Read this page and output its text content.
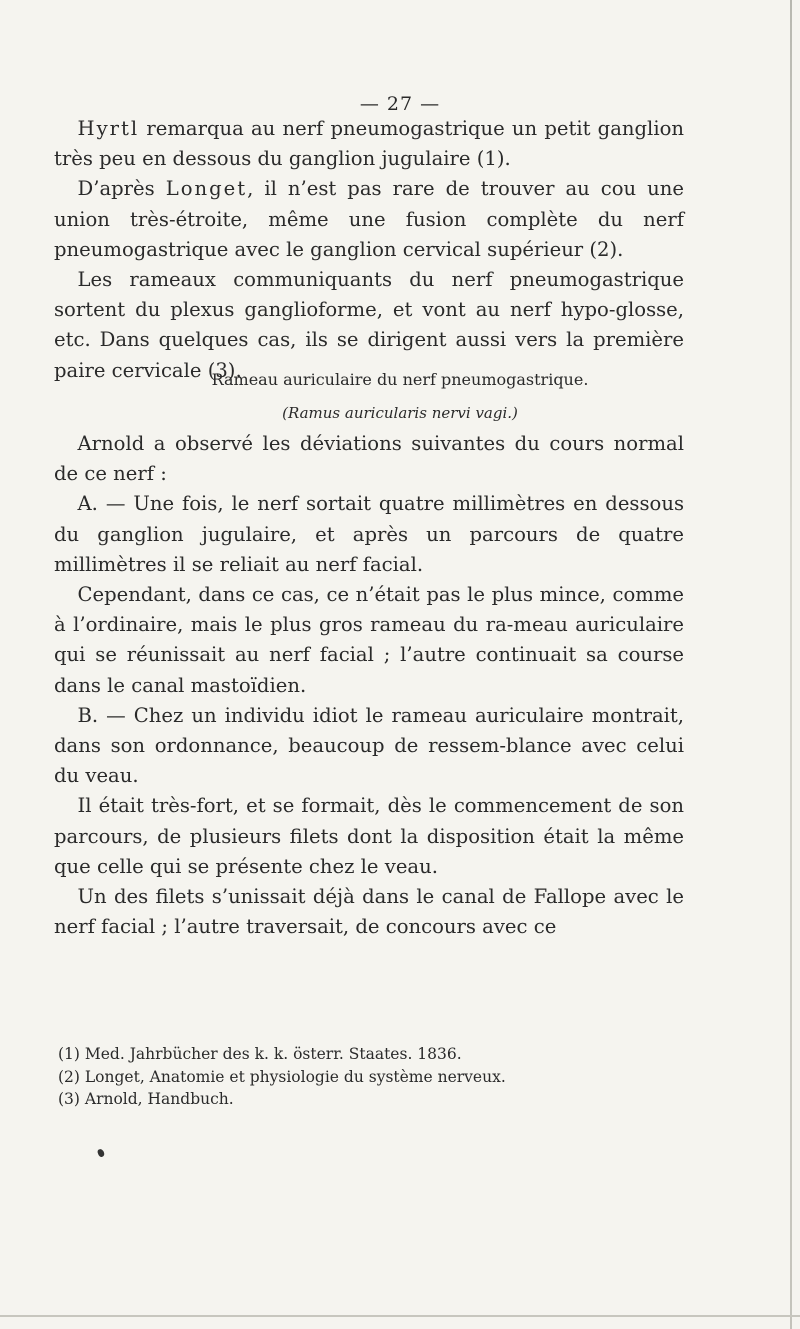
— 27 —

Hyrtl remarqua au nerf pneumogastrique un petit ganglion très peu en dessous du ganglion jugulaire (1).

D’après Longet, il n’est pas rare de trouver au cou une union très-étroite, même une fusion complète du nerf pneumogastrique avec le ganglion cervical supérieur (2).

Les rameaux communiquants du nerf pneumogastrique sortent du plexus ganglioforme, et vont au nerf hypo-glosse, etc. Dans quelques cas, ils se dirigent aussi vers la première paire cervicale (3).

Rameau auriculaire du nerf pneumogastrique.
(Ramus auricularis nervi vagi.)

Arnold a observé les déviations suivantes du cours normal de ce nerf :

A. — Une fois, le nerf sortait quatre millimètres en dessous du ganglion jugulaire, et après un parcours de quatre millimètres il se reliait au nerf facial.

Cependant, dans ce cas, ce n’était pas le plus mince, comme à l’ordinaire, mais le plus gros rameau du ra-meau auriculaire qui se réunissait au nerf facial ; l’autre continuait sa course dans le canal mastoïdien.

B. — Chez un individu idiot le rameau auriculaire montrait, dans son ordonnance, beaucoup de ressem-blance avec celui du veau.

Il était très-fort, et se formait, dès le commencement de son parcours, de plusieurs filets dont la disposition était la même que celle qui se présente chez le veau.

Un des filets s’unissait déjà dans le canal de Fallope avec le nerf facial ; l’autre traversait, de concours avec ce

(1) Med. Jahrbücher des k. k. österr. Staates. 1836.

(2) Longet, Anatomie et physiologie du système nerveux.

(3) Arnold, Handbuch.
